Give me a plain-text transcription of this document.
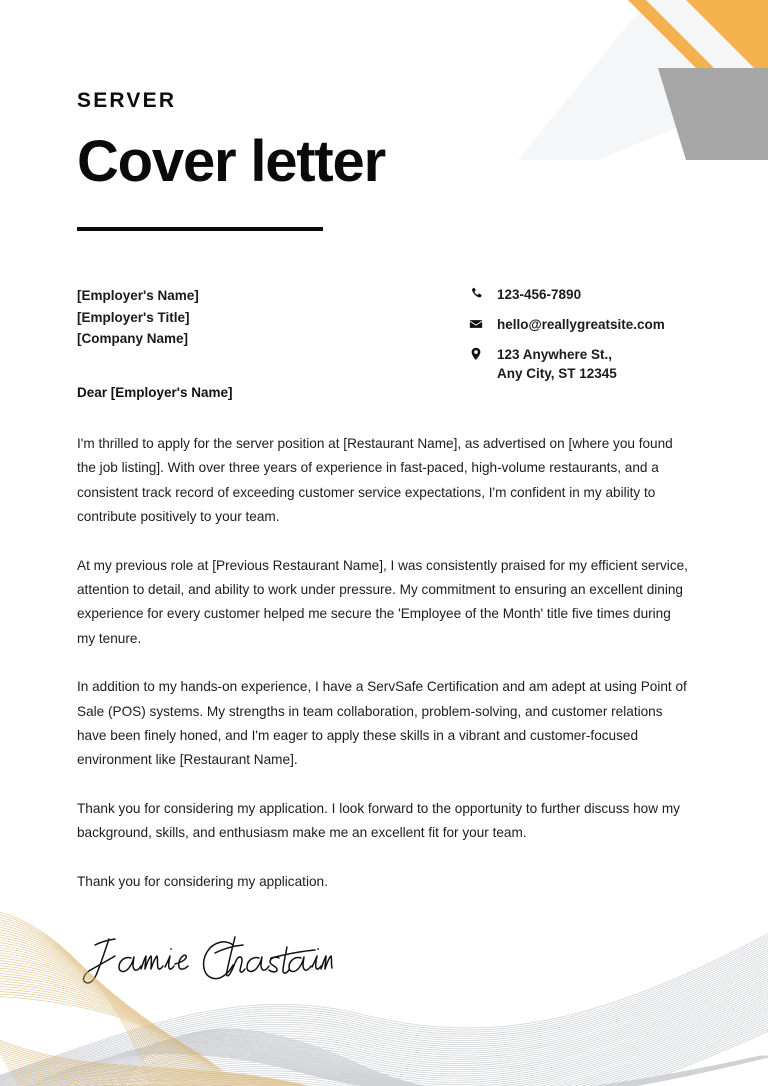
SERVER
Cover letter
[Employer's Name]
[Employer's Title]
[Company Name]
123-456-7890
hello@reallygreatsite.com
123 Anywhere St.,
Any City, ST 12345
Dear [Employer's Name]

I'm thrilled to apply for the server position at [Restaurant Name], as advertised on [where you found the job listing]. With over three years of experience in fast-paced, high-volume restaurants, and a consistent track record of exceeding customer service expectations, I'm confident in my ability to contribute positively to your team.

At my previous role at [Previous Restaurant Name], I was consistently praised for my efficient service, attention to detail, and ability to work under pressure. My commitment to ensuring an excellent dining experience for every customer helped me secure the 'Employee of the Month' title five times during my tenure.

In addition to my hands-on experience, I have a ServSafe Certification and am adept at using Point of Sale (POS) systems. My strengths in team collaboration, problem-solving, and customer relations have been finely honed, and I'm eager to apply these skills in a vibrant and customer-focused environment like [Restaurant Name].

Thank you for considering my application. I look forward to the opportunity to further discuss how my background, skills, and enthusiasm make me an excellent fit for your team.

Thank you for considering my application.
